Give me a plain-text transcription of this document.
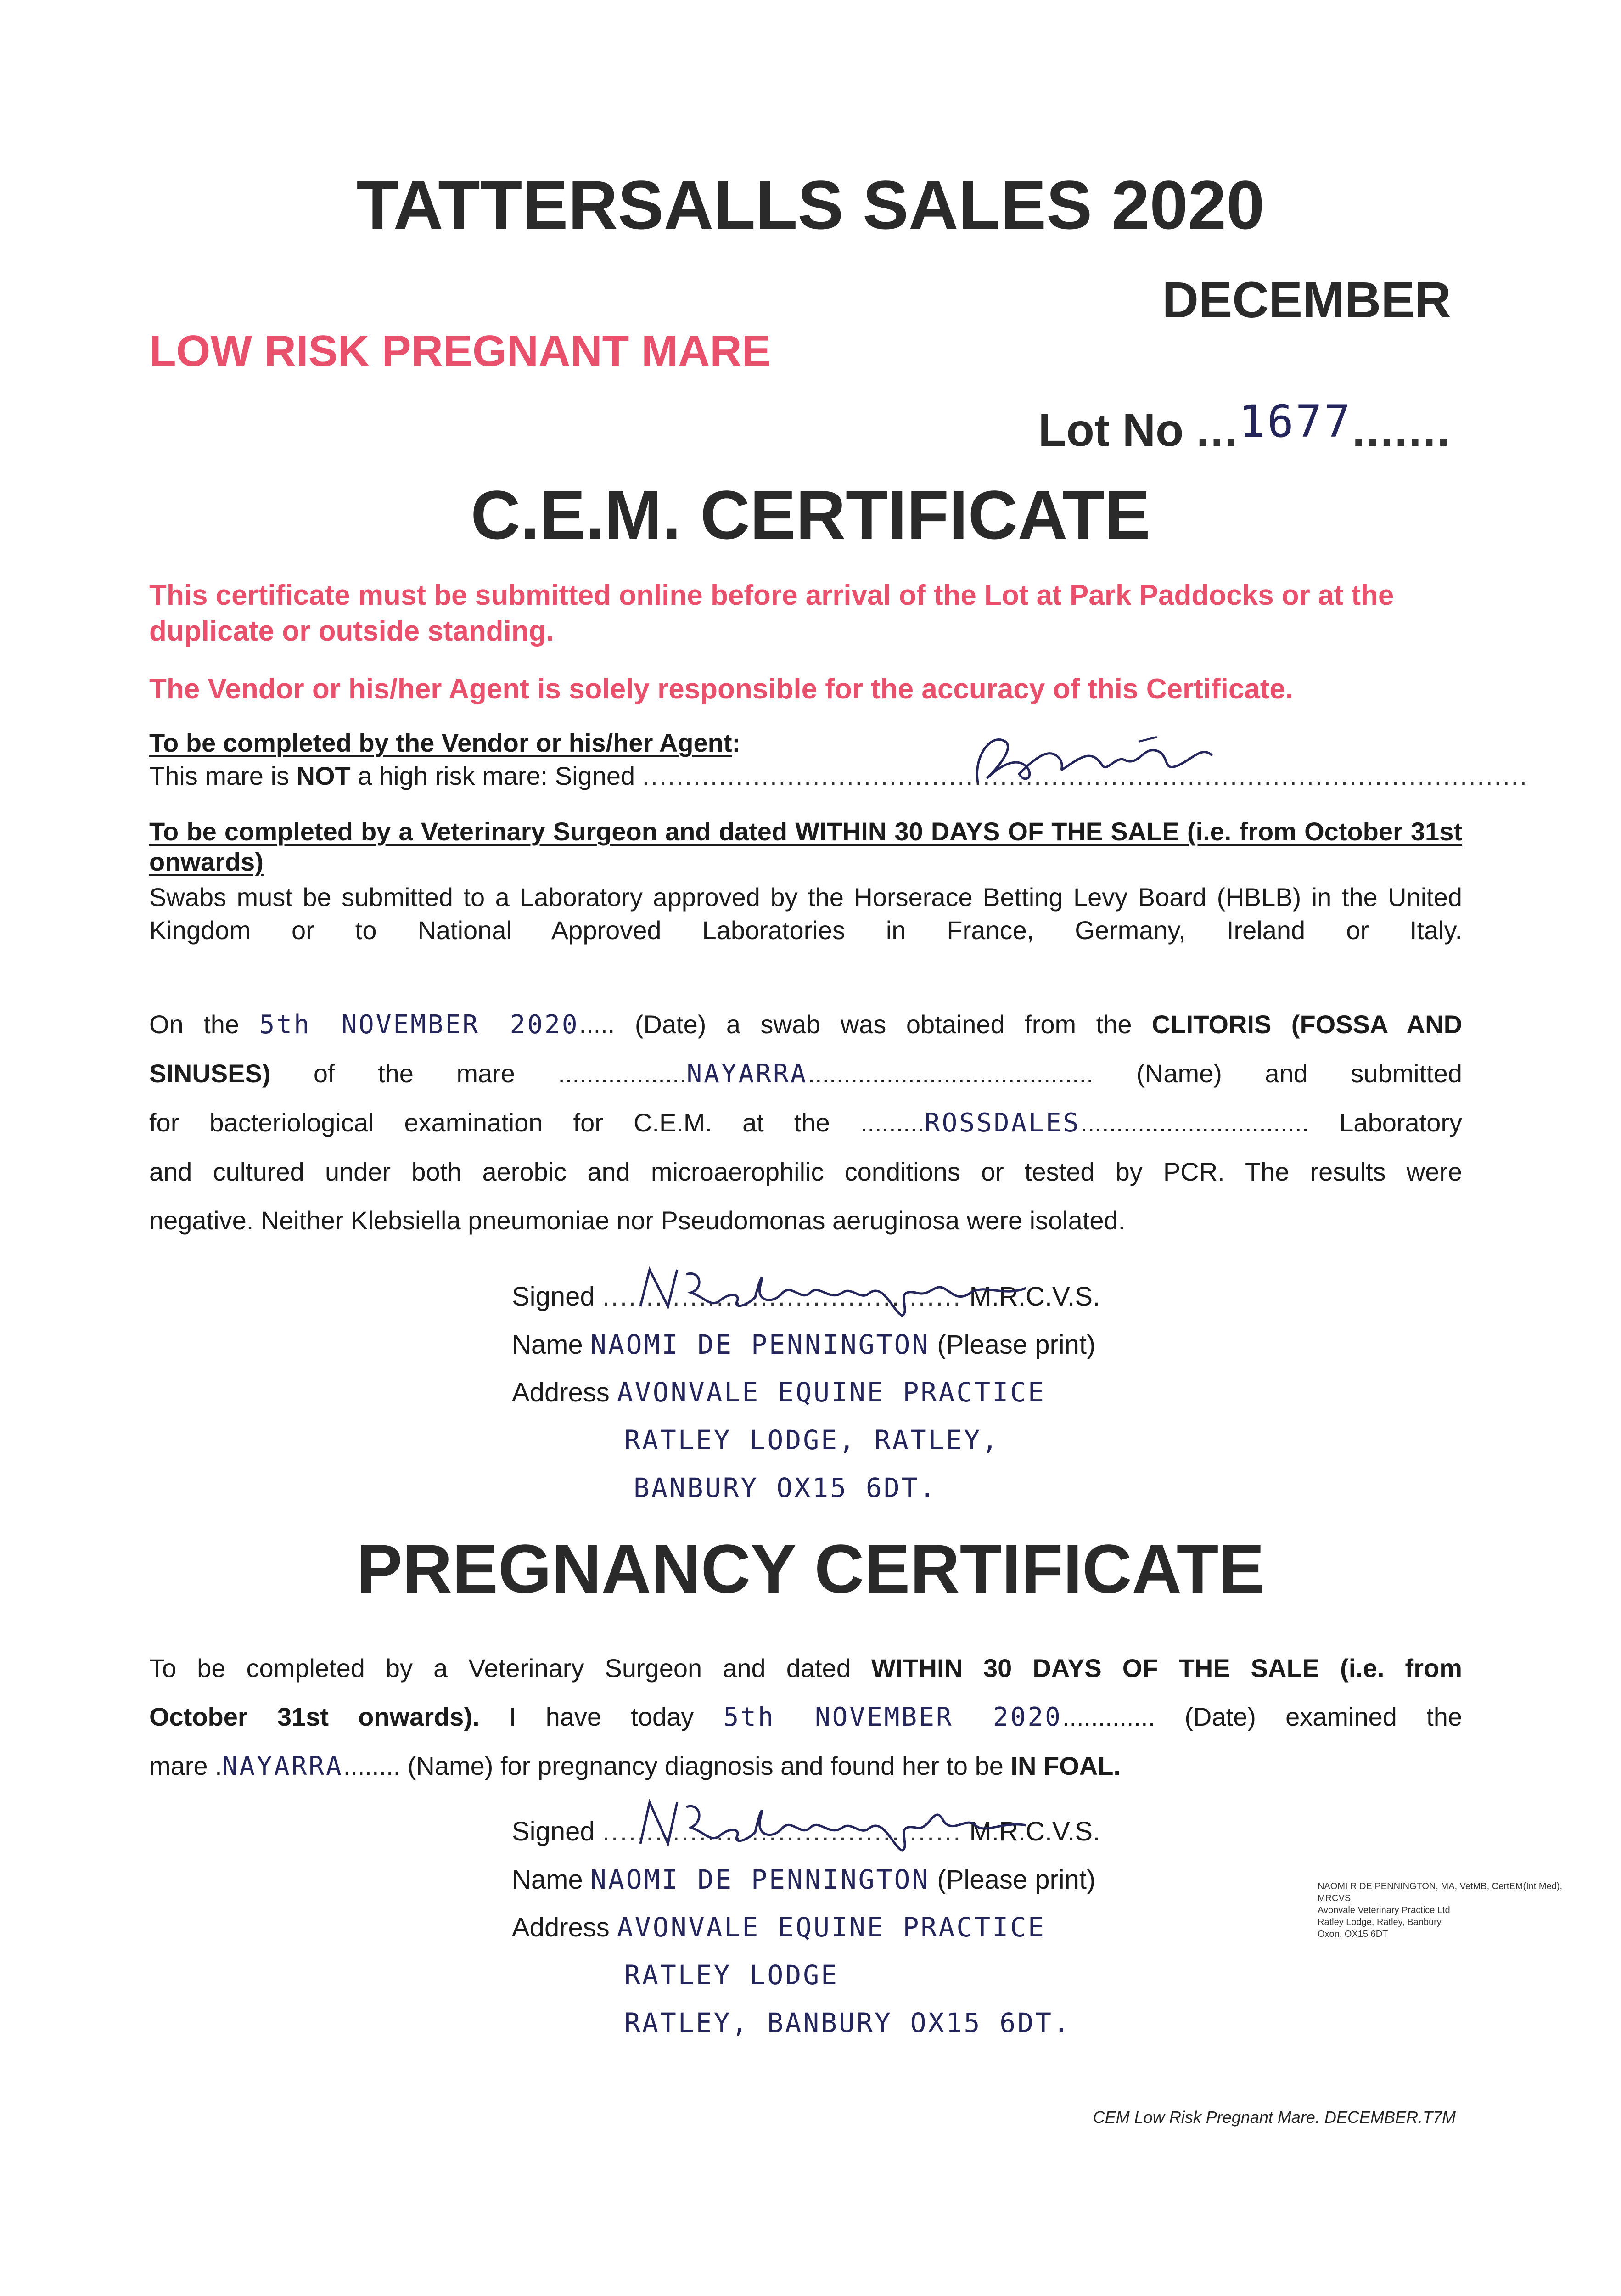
TATTERSALLS SALES 2020
DECEMBER
LOW RISK PREGNANT MARE
Lot No ...1677.......
C.E.M. CERTIFICATE
This certificate must be submitted online before arrival of the Lot at Park Paddocks or at the duplicate or outside standing.
The Vendor or his/her Agent is solely responsible for the accuracy of this Certificate.
To be completed by the Vendor or his/her Agent:
This mare is NOT a high risk mare: Signed ........................................................................................................
To be completed by a Veterinary Surgeon and dated WITHIN 30 DAYS OF THE SALE (i.e. from October 31st onwards)
Swabs must be submitted to a Laboratory approved by the Horserace Betting Levy Board (HBLB) in the United Kingdom or to National Approved Laboratories in France, Germany, Ireland or Italy.
On the 5th NOVEMBER 2020..... (Date) a swab was obtained from the CLITORIS (FOSSA AND
SINUSES) of the mare ..................NAYARRA........................................ (Name) and submitted
for bacteriological examination for C.E.M. at the .........ROSSDALES................................ Laboratory
and cultured under both aerobic and microaerophilic conditions or tested by PCR. The results were
negative. Neither Klebsiella pneumoniae nor Pseudomonas aeruginosa were isolated.
Signed ......................................... M.R.C.V.S.
Name NAOMI DE PENNINGTON (Please print)
Address AVONVALE EQUINE PRACTICE
RATLEY LODGE, RATLEY,
BANBURY OX15 6DT.
PREGNANCY CERTIFICATE
To be completed by a Veterinary Surgeon and dated WITHIN 30 DAYS OF THE SALE (i.e. from
October 31st onwards). I have today 5th NOVEMBER 2020............. (Date) examined the
mare .NAYARRA........ (Name) for pregnancy diagnosis and found her to be IN FOAL.
Signed ......................................... M.R.C.V.S.
Name NAOMI DE PENNINGTON (Please print)
Address AVONVALE EQUINE PRACTICE
RATLEY LODGE
RATLEY, BANBURY OX15 6DT.
NAOMI R DE PENNINGTON, MA, VetMB, CertEM(Int Med), MRCVS
Avonvale Veterinary Practice Ltd
Ratley Lodge, Ratley, Banbury
Oxon, OX15 6DT
CEM Low Risk Pregnant Mare. DECEMBER.T7M
